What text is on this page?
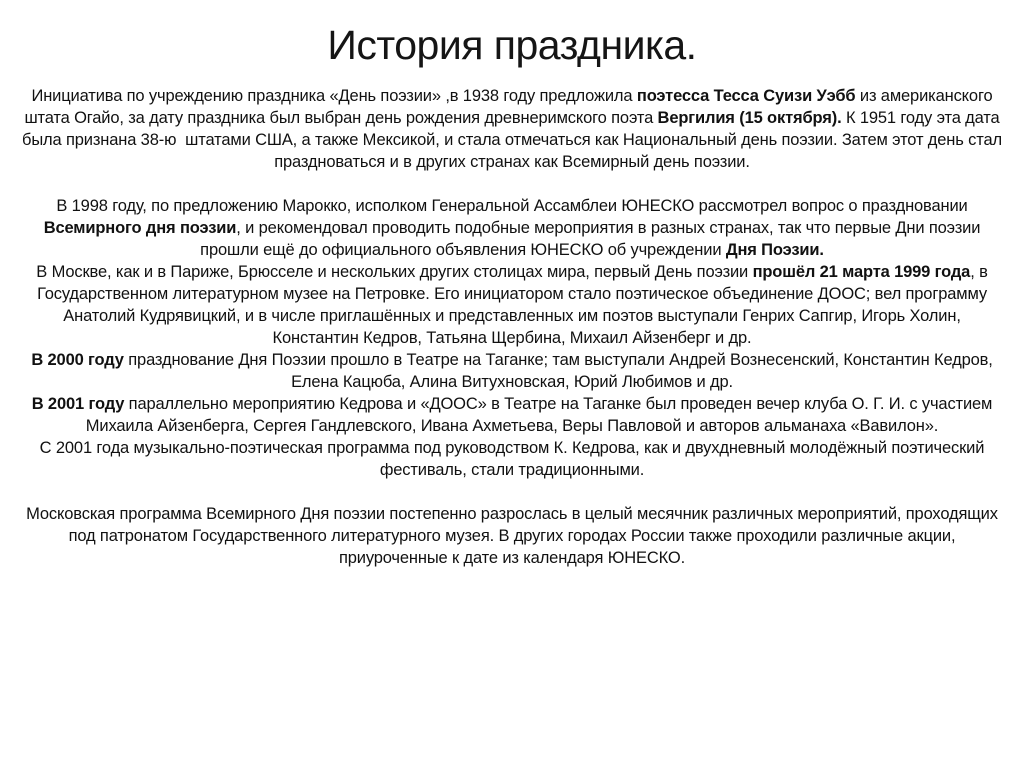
История праздника.

Инициатива по учреждению праздника «День поэзии» ,в 1938 году предложила поэтесса Тесса Суизи Уэбб из американского штата Огайо, за дату праздника был выбран день рождения древнеримского поэта Вергилия (15 октября). К 1951 году эта дата была признана 38-ю  штатами США, а также Мексикой, и стала отмечаться как Национальный день поэзии. Затем этот день стал праздноваться и в других странах как Всемирный день поэзии.

В 1998 году, по предложению Марокко, исполком Генеральной Ассамблеи ЮНЕСКО рассмотрел вопрос о праздновании Всемирного дня поэзии, и рекомендовал проводить подобные мероприятия в разных странах, так что первые Дни поэзии прошли ещё до официального объявления ЮНЕСКО об учреждении Дня Поэзии.

В Москве, как и в Париже, Брюсселе и нескольких других столицах мира, первый День поэзии прошёл 21 марта 1999 года, в Государственном литературном музее на Петровке. Его инициатором стало поэтическое объединение ДООС; вел программу Анатолий Кудрявицкий, и в числе приглашённых и представленных им поэтов выступали Генрих Сапгир, Игорь Холин, Константин Кедров, Татьяна Щербина, Михаил Айзенберг и др.

В 2000 году празднование Дня Поэзии прошло в Театре на Таганке; там выступали Андрей Вознесенский, Константин Кедров, Елена Кацюба, Алина Витухновская, Юрий Любимов и др.

В 2001 году параллельно мероприятию Кедрова и «ДООС» в Театре на Таганке был проведен вечер клуба О. Г. И. с участием Михаила Айзенберга, Сергея Гандлевского, Ивана Ахметьева, Веры Павловой и авторов альманаха «Вавилон».

С 2001 года музыкально-поэтическая программа под руководством К. Кедрова, как и двухдневный молодёжный поэтический фестиваль, стали традиционными.

Московская программа Всемирного Дня поэзии постепенно разрослась в целый месячник различных мероприятий, проходящих под патронатом Государственного литературного музея. В других городах России также проходили различные акции, приуроченные к дате из календаря ЮНЕСКО.
